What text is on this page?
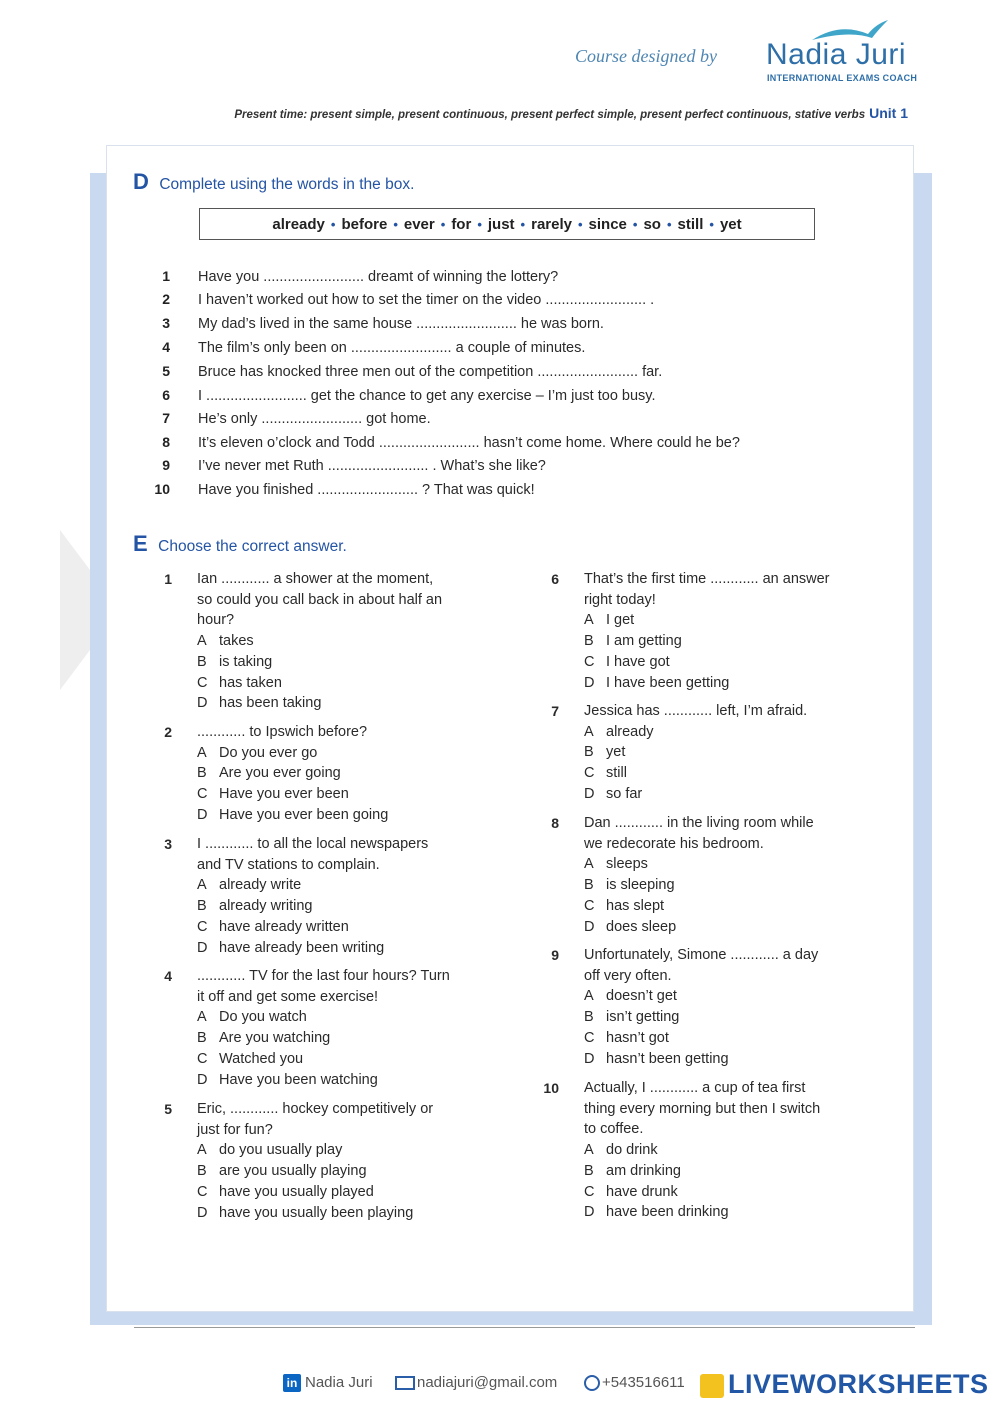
Course designed by Nadia Juri
INTERNATIONAL EXAMS COACH
Present time: present simple, present continuous, present perfect simple, present perfect continuous, stative verbs Unit 1
D Complete using the words in the box.
already • before • ever • for • just • rarely • since • so • still • yet
1 Have you ......................... dreamt of winning the lottery?
2 I haven’t worked out how to set the timer on the video ......................... .
3 My dad’s lived in the same house ......................... he was born.
4 The film’s only been on ......................... a couple of minutes.
5 Bruce has knocked three men out of the competition ......................... far.
6 I ......................... get the chance to get any exercise – I’m just too busy.
7 He’s only ......................... got home.
8 It’s eleven o’clock and Todd ......................... hasn’t come home. Where could he be?
9 I’ve never met Ruth ......................... . What’s she like?
10 Have you finished ......................... ? That was quick!
E Choose the correct answer.
1 Ian ............ a shower at the moment,
so could you call back in about half an
hour?
A takes
B is taking
C has taken
D has been taking
2 ............ to Ipswich before?
A Do you ever go
B Are you ever going
C Have you ever been
D Have you ever been going
3 I ............ to all the local newspapers
and TV stations to complain.
A already write
B already writing
C have already written
D have already been writing
4 ............ TV for the last four hours? Turn
it off and get some exercise!
A Do you watch
B Are you watching
C Watched you
D Have you been watching
5 Eric, ............ hockey competitively or
just for fun?
A do you usually play
B are you usually playing
C have you usually played
D have you usually been playing
6 That’s the first time ............ an answer
right today!
A I get
B I am getting
C I have got
D I have been getting
7 Jessica has ............ left, I’m afraid.
A already
B yet
C still
D so far
8 Dan ............ in the living room while
we redecorate his bedroom.
A sleeps
B is sleeping
C has slept
D does sleep
9 Unfortunately, Simone ............ a day
off very often.
A doesn’t get
B isn’t getting
C hasn’t got
D hasn’t been getting
10 Actually, I ............ a cup of tea first
thing every morning but then I switch
to coffee.
A do drink
B am drinking
C have drunk
D have been drinking
in Nadia Juri	nadiajuri@gmail.com	+543516611	LIVEWORKSHEETS
